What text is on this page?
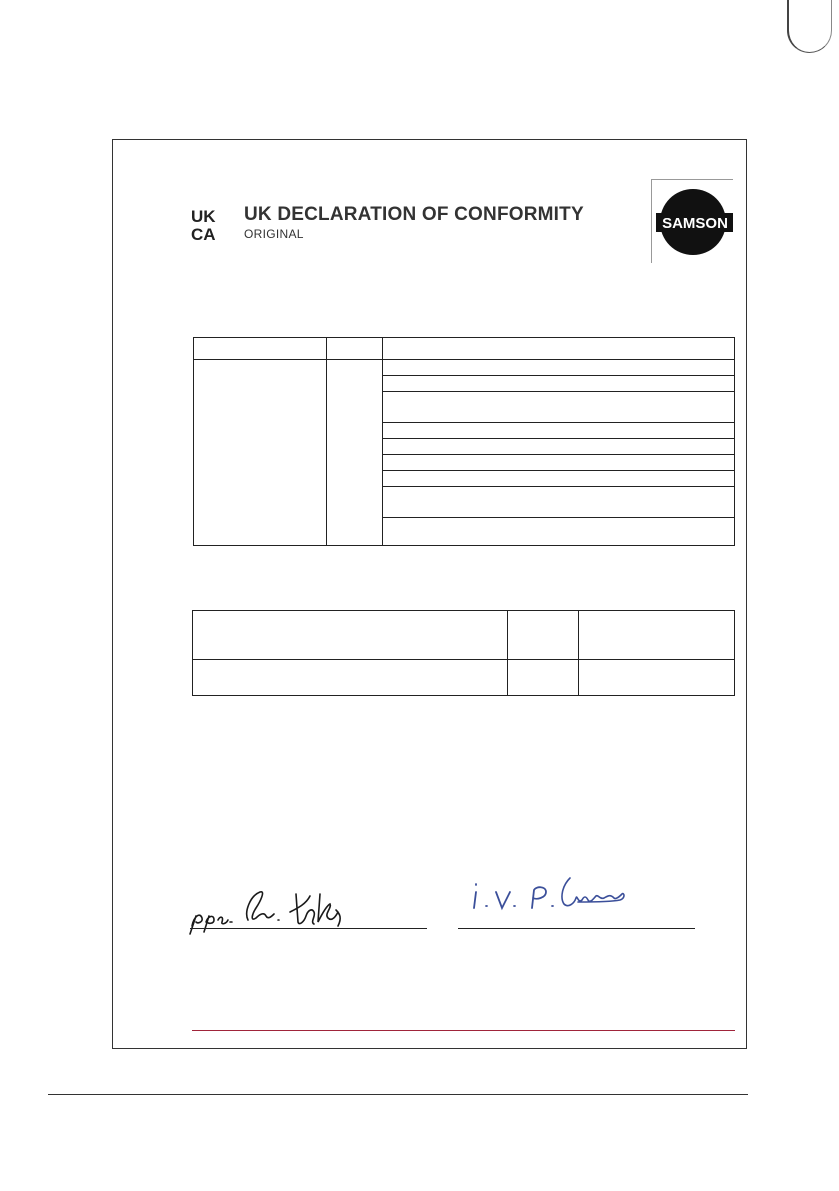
UK
CA
UK DECLARATION OF CONFORMITY
ORIGINAL
SAMSON
